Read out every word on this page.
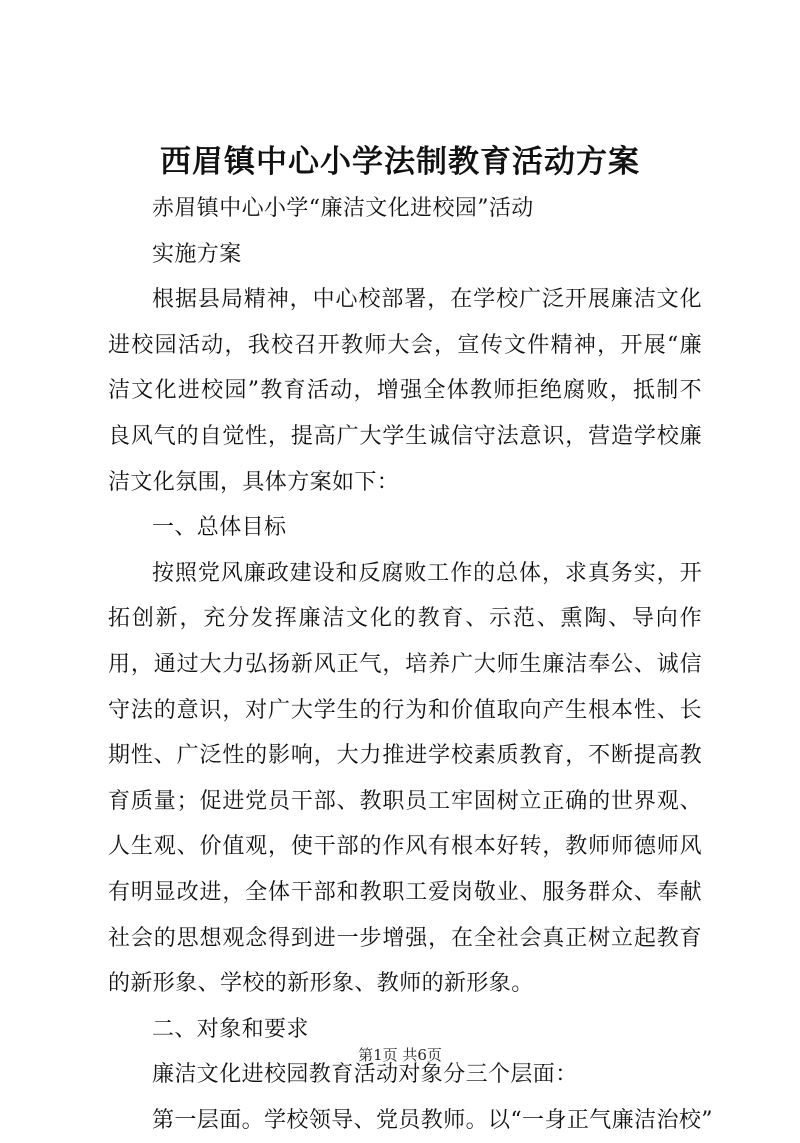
西眉镇中心小学法制教育活动方案

赤眉镇中心小学“廉洁文化进校园”活动

实施方案

根据县局精神，中心校部署，在学校广泛开展廉洁文化进校园活动，我校召开教师大会，宣传文件精神，开展“廉洁文化进校园”教育活动，增强全体教师拒绝腐败，抵制不良风气的自觉性，提高广大学生诚信守法意识，营造学校廉洁文化氛围，具体方案如下：

一、总体目标

按照党风廉政建设和反腐败工作的总体，求真务实，开拓创新，充分发挥廉洁文化的教育、示范、熏陶、导向作用，通过大力弘扬新风正气，培养广大师生廉洁奉公、诚信守法的意识，对广大学生的行为和价值取向产生根本性、长期性、广泛性的影响，大力推进学校素质教育，不断提高教育质量；促进党员干部、教职员工牢固树立正确的世界观、人生观、价值观，使干部的作风有根本好转，教师师德师风有明显改进，全体干部和教职工爱岗敬业、服务群众、奉献社会的思想观念得到进一步增强，在全社会真正树立起教育的新形象、学校的新形象、教师的新形象。

二、对象和要求

廉洁文化进校园教育活动对象分三个层面：

第一层面。学校领导、党员教师。以“一身正气廉洁治校”

第1页 共6页
